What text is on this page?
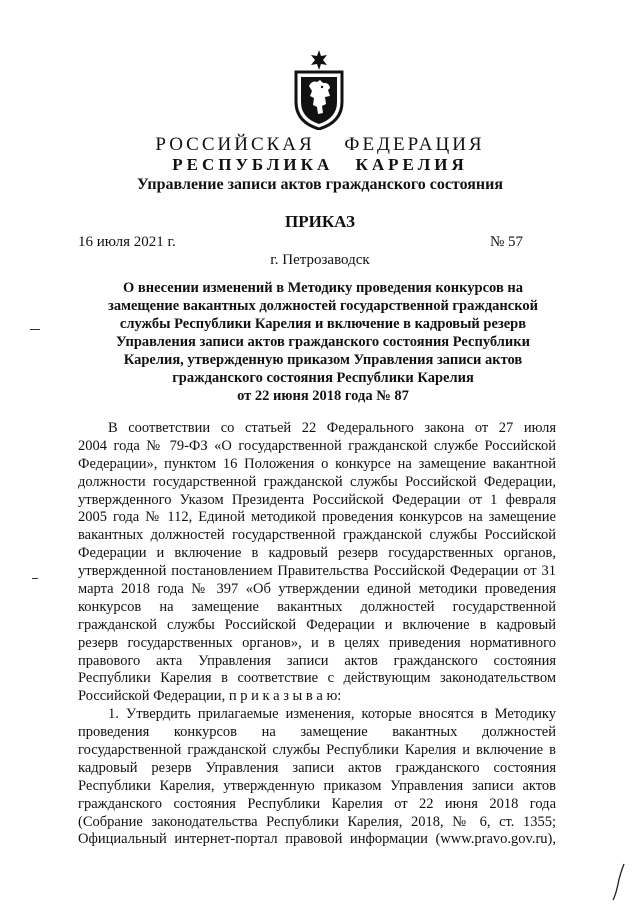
РОССИЙСКАЯ ФЕДЕРАЦИЯ
РЕСПУБЛИКА КАРЕЛИЯ
Управление записи актов гражданского состояния
ПРИКАЗ
16 июля 2021 г.	№ 57
г. Петрозаводск
О внесении изменений в Методику проведения конкурсов на
замещение вакантных должностей государственной гражданской
службы Республики Карелия и включение в кадровый резерв
Управления записи актов гражданского состояния Республики
Карелия, утвержденную приказом Управления записи актов
гражданского состояния Республики Карелия
от 22 июня 2018 года № 87
В соответствии со статьей 22 Федерального закона от 27 июля
2004 года № 79-ФЗ «О государственной гражданской службе Российской
Федерации», пунктом 16 Положения о конкурсе на замещение вакантной
должности государственной гражданской службы Российской Федерации,
утвержденного Указом Президента Российской Федерации от 1 февраля
2005 года № 112, Единой методикой проведения конкурсов на замещение
вакантных должностей государственной гражданской службы Российской
Федерации и включение в кадровый резерв государственных органов,
утвержденной постановлением Правительства Российской Федерации от 31
марта 2018 года № 397 «Об утверждении единой методики проведения
конкурсов на замещение вакантных должностей государственной
гражданской службы Российской Федерации и включение в кадровый
резерв государственных органов», и в целях приведения нормативного
правового акта Управления записи актов гражданского состояния
Республики Карелия в соответствие с действующим законодательством
Российской Федерации, п р и к а з ы в а ю:
1. Утвердить прилагаемые изменения, которые вносятся в Методику
проведения конкурсов на замещение вакантных должностей
государственной гражданской службы Республики Карелия и включение в
кадровый резерв Управления записи актов гражданского состояния
Республики Карелия, утвержденную приказом Управления записи актов
гражданского состояния Республики Карелия от 22 июня 2018 года
(Собрание законодательства Республики Карелия, 2018, № 6, ст. 1355;
Официальный интернет-портал правовой информации (www.pravo.gov.ru),
